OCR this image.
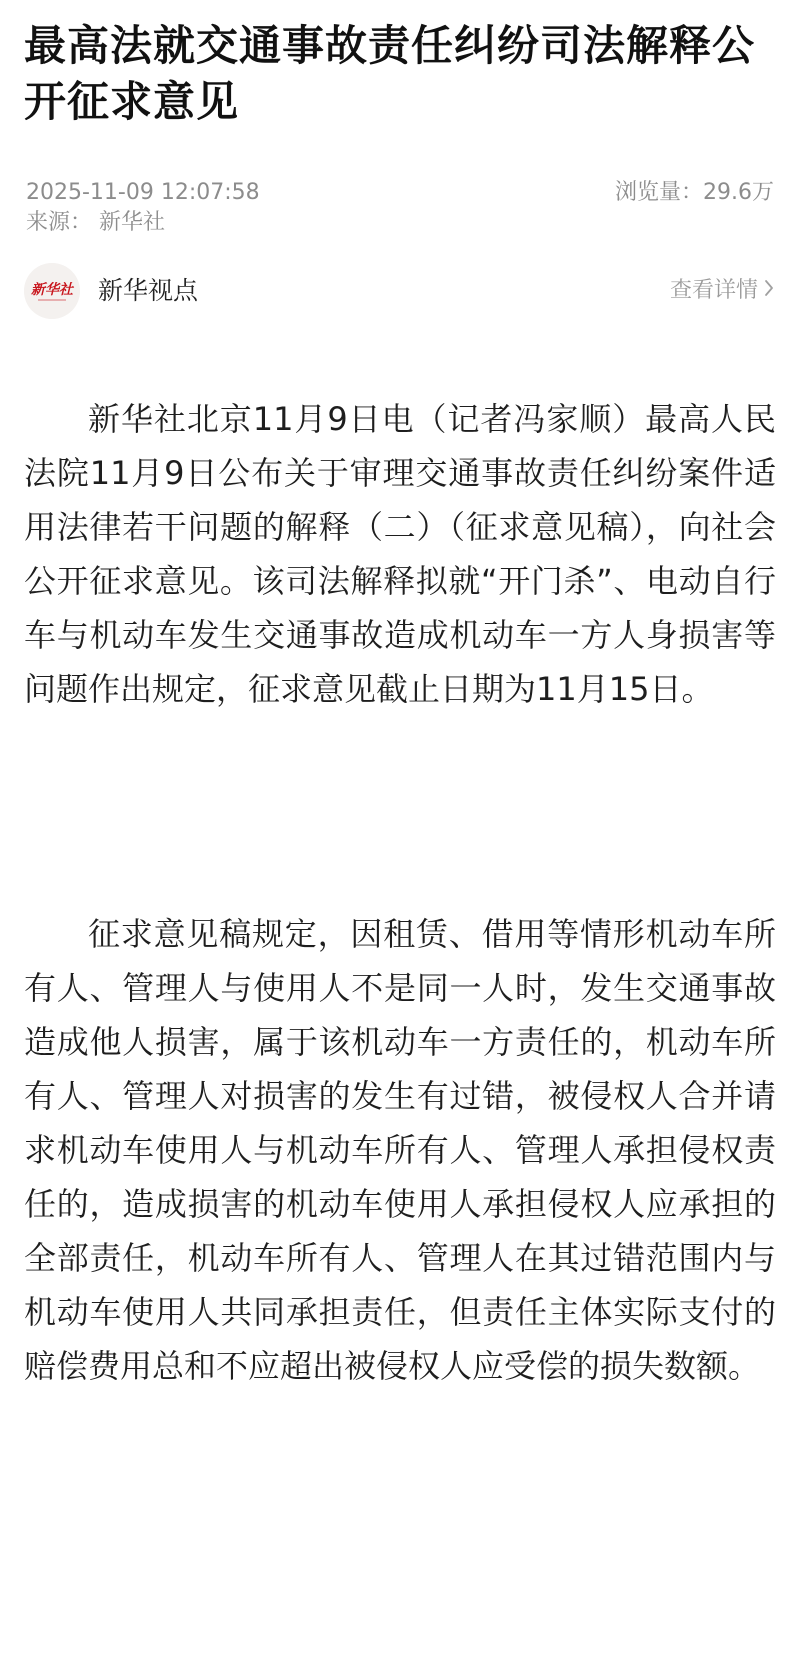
最高法就交通事故责任纠纷司法解释公开征求意见
2025-11-09 12:07:58	浏览量：29.6万
来源： 新华社
新华社 新华视点	查看详情

新华社北京11月9日电（记者冯家顺）最高人民法院11月9日公布关于审理交通事故责任纠纷案件适用法律若干问题的解释（二）（征求意见稿），向社会公开征求意见。该司法解释拟就“开门杀”、电动自行车与机动车发生交通事故造成机动车一方人身损害等问题作出规定，征求意见截止日期为11月15日。

征求意见稿规定，因租赁、借用等情形机动车所有人、管理人与使用人不是同一人时，发生交通事故造成他人损害，属于该机动车一方责任的，机动车所有人、管理人对损害的发生有过错，被侵权人合并请求机动车使用人与机动车所有人、管理人承担侵权责任的，造成损害的机动车使用人承担侵权人应承担的全部责任，机动车所有人、管理人在其过错范围内与机动车使用人共同承担责任，但责任主体实际支付的赔偿费用总和不应超出被侵权人应受偿的损失数额。
